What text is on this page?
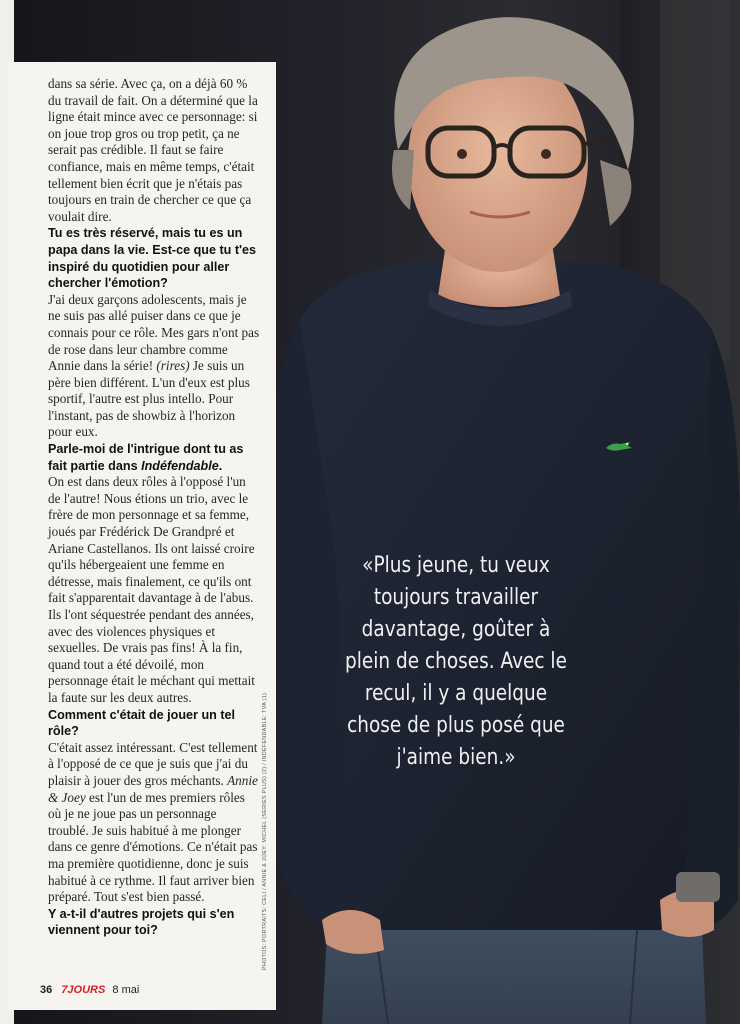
dans sa série. Avec ça, on a déjà 60 % du travail de fait. On a déterminé que la ligne était mince avec ce personnage: si on joue trop gros ou trop petit, ça ne serait pas crédible. Il faut se faire confiance, mais en même temps, c'était tellement bien écrit que je n'étais pas toujours en train de chercher ce que ça voulait dire.

Tu es très réservé, mais tu es un papa dans la vie. Est-ce que tu t'es inspiré du quotidien pour aller chercher l'émotion?

J'ai deux garçons adolescents, mais je ne suis pas allé puiser dans ce que je connais pour ce rôle. Mes gars n'ont pas de rose dans leur chambre comme Annie dans la série! (rires) Je suis un père bien différent. L'un d'eux est plus sportif, l'autre est plus intello. Pour l'instant, pas de showbiz à l'horizon pour eux.

Parle-moi de l'intrigue dont tu as fait partie dans Indéfendable.

On est dans deux rôles à l'opposé l'un de l'autre! Nous étions un trio, avec le frère de mon personnage et sa femme, joués par Frédérick De Grandpré et Ariane Castellanos. Ils ont laissé croire qu'ils hébergeaient une femme en détresse, mais finalement, ce qu'ils ont fait s'apparentait davantage à de l'abus. Ils l'ont séquestrée pendant des années, avec des violences physiques et sexuelles. De vrais pas fins! À la fin, quand tout a été dévoilé, mon personnage était le méchant qui mettait la faute sur les deux autres.

Comment c'était de jouer un tel rôle?

C'était assez intéressant. C'est tellement à l'opposé de ce que je suis que j'ai du plaisir à jouer des gros méchants. Annie & Joey est l'un de mes premiers rôles où je ne joue pas un personnage troublé. Je suis habitué à me plonger dans ce genre d'émotions. Ce n'était pas ma première quotidienne, donc je suis habitué à ce rythme. Il faut arriver bien préparé. Tout s'est bien passé.

Y a-t-il d'autres projets qui s'en viennent pour toi?	PHOTOS: PORTRAITS: CELI / ANNIE & JOEY: MICHEL (SERIES PLUS) (2) / INDÉFENDABLE: TVA (1)
36 7JOURS 8 mai
«Plus jeune, tu veux toujours travailler davantage, goûter à plein de choses. Avec le recul, il y a quelque chose de plus posé que j'aime bien.»
